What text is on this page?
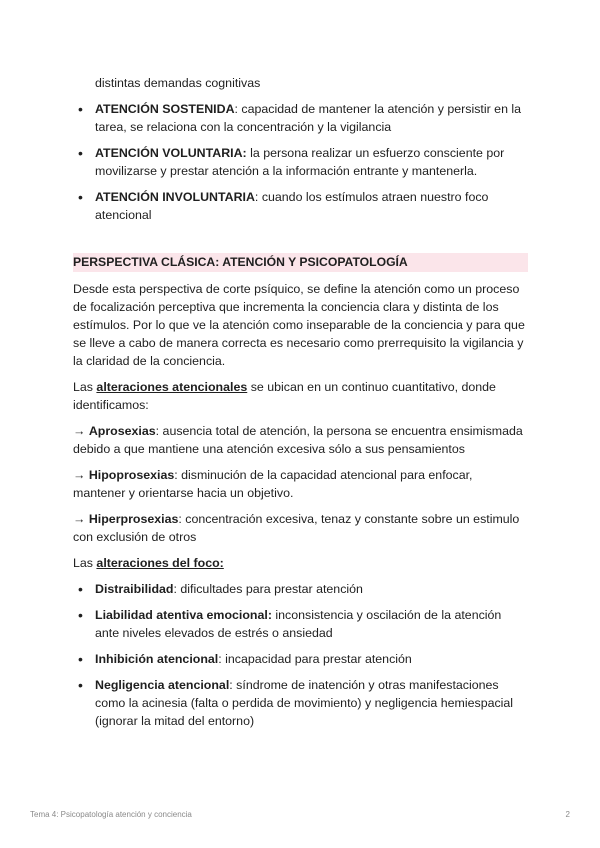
distintas demandas cognitivas
• ATENCIÓN SOSTENIDA: capacidad de mantener la atención y persistir en la tarea, se relaciona con la concentración y la vigilancia
• ATENCIÓN VOLUNTARIA: la persona realizar un esfuerzo consciente por movilizarse y prestar atención a la información entrante y mantenerla.
• ATENCIÓN INVOLUNTARIA: cuando los estímulos atraen nuestro foco atencional
PERSPECTIVA CLÁSICA: ATENCIÓN Y PSICOPATOLOGÍA

Desde esta perspectiva de corte psíquico, se define la atención como un proceso de focalización perceptiva que incrementa la conciencia clara y distinta de los estímulos. Por lo que ve la atención como inseparable de la conciencia y para que se lleve a cabo de manera correcta es necesario como prerrequisito la vigilancia y la claridad de la conciencia.

Las alteraciones atencionales se ubican en un continuo cuantitativo, donde identificamos:

→ Aprosexias: ausencia total de atención, la persona se encuentra ensimismada debido a que mantiene una atención excesiva sólo a sus pensamientos

→ Hipoprosexias: disminución de la capacidad atencional para enfocar, mantener y orientarse hacia un objetivo.

→ Hiperprosexias: concentración excesiva, tenaz y constante sobre un estimulo con exclusión de otros

Las alteraciones del foco:

• Distraibilidad: dificultades para prestar atención
• Liabilidad atentiva emocional: inconsistencia y oscilación de la atención ante niveles elevados de estrés o ansiedad
• Inhibición atencional: incapacidad para prestar atención
• Negligencia atencional: síndrome de inatención y otras manifestaciones como la acinesia (falta o perdida de movimiento) y negligencia hemiespacial (ignorar la mitad del entorno)
Tema 4: Psicopatología atención y conciencia	2
